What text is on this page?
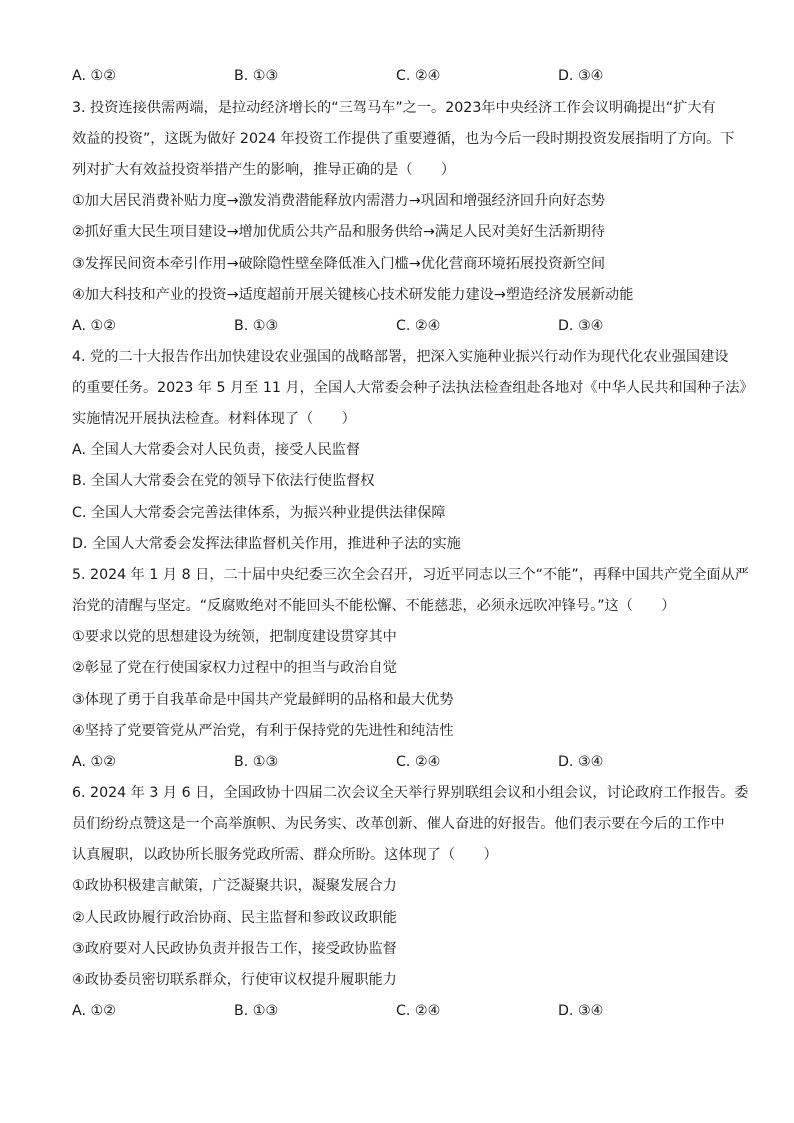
A. ①②	B. ①③	C. ②④	D. ③④
3. 投资连接供需两端，是拉动经济增长的“三驾马车”之一。2023年中央经济工作会议明确提出“扩大有
效益的投资”，这既为做好 2024 年投资工作提供了重要遵循，也为今后一段时期投资发展指明了方向。下
列对扩大有效益投资举措产生的影响，推导正确的是（　　）
①加大居民消费补贴力度→激发消费潜能释放内需潜力→巩固和增强经济回升向好态势
②抓好重大民生项目建设→增加优质公共产品和服务供给→满足人民对美好生活新期待
③发挥民间资本牵引作用→破除隐性壁垒降低准入门槛→优化营商环境拓展投资新空间
④加大科技和产业的投资→适度超前开展关键核心技术研发能力建设→塑造经济发展新动能
A. ①②	B. ①③	C. ②④	D. ③④
4. 党的二十大报告作出加快建设农业强国的战略部署，把深入实施种业振兴行动作为现代化农业强国建设
的重要任务。2023 年 5 月至 11 月，全国人大常委会种子法执法检查组赴各地对《中华人民共和国种子法》
实施情况开展执法检查。材料体现了（　　）
A. 全国人大常委会对人民负责，接受人民监督
B. 全国人大常委会在党的领导下依法行使监督权
C. 全国人大常委会完善法律体系，为振兴种业提供法律保障
D. 全国人大常委会发挥法律监督机关作用，推进种子法的实施
5. 2024 年 1 月 8 日，二十届中央纪委三次全会召开，习近平同志以三个“不能”，再释中国共产党全面从严
治党的清醒与坚定。“反腐败绝对不能回头不能松懈、不能慈悲，必须永远吹冲锋号。”这（　　）
①要求以党的思想建设为统领，把制度建设贯穿其中
②彰显了党在行使国家权力过程中的担当与政治自觉
③体现了勇于自我革命是中国共产党最鲜明的品格和最大优势
④坚持了党要管党从严治党，有利于保持党的先进性和纯洁性
A. ①②	B. ①③	C. ②④	D. ③④
6. 2024 年 3 月 6 日，全国政协十四届二次会议全天举行界别联组会议和小组会议，讨论政府工作报告。委
员们纷纷点赞这是一个高举旗帜、为民务实、改革创新、催人奋进的好报告。他们表示要在今后的工作中
认真履职，以政协所长服务党政所需、群众所盼。这体现了（　　）
①政协积极建言献策，广泛凝聚共识，凝聚发展合力
②人民政协履行政治协商、民主监督和参政议政职能
③政府要对人民政协负责并报告工作，接受政协监督
④政协委员密切联系群众，行使审议权提升履职能力
A. ①②	B. ①③	C. ②④	D. ③④
